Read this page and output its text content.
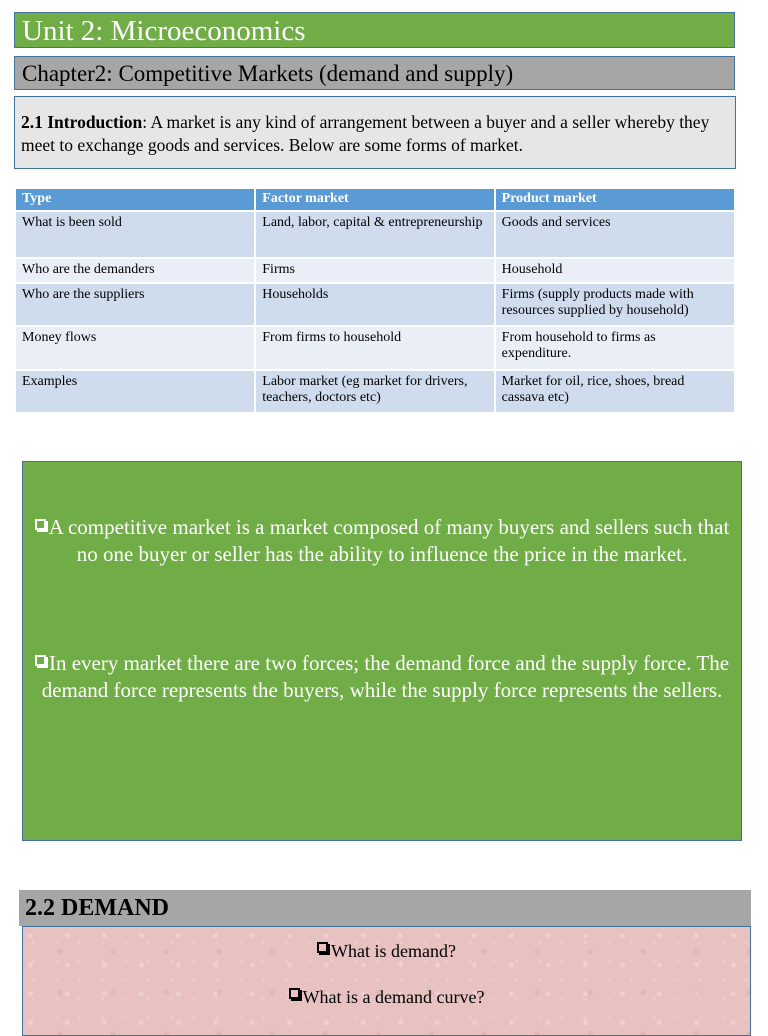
Unit 2: Microeconomics
Chapter2: Competitive Markets (demand and supply)
2.1 Introduction: A market is any kind of arrangement between a buyer and a seller whereby they meet to exchange goods and services. Below are some forms of market.
Type	Factor market	Product market
What is been sold	Land, labor, capital & entrepreneurship	Goods and services
Who are the demanders	Firms	Household
Who are the suppliers	Households	Firms (supply products made with resources supplied by household)
Money flows	From firms to household	From household to firms as expenditure.
Examples	Labor market (eg market for drivers, teachers, doctors etc)	Market for oil, rice, shoes, bread cassava etc)
A competitive market is a market composed of many buyers and sellers such that no one buyer or seller has the ability to influence the price in the market.
In every market there are two forces; the demand force and the supply force. The demand force represents the buyers, while the supply force represents the sellers.
2.2 DEMAND
What is demand?
What is a demand curve?
